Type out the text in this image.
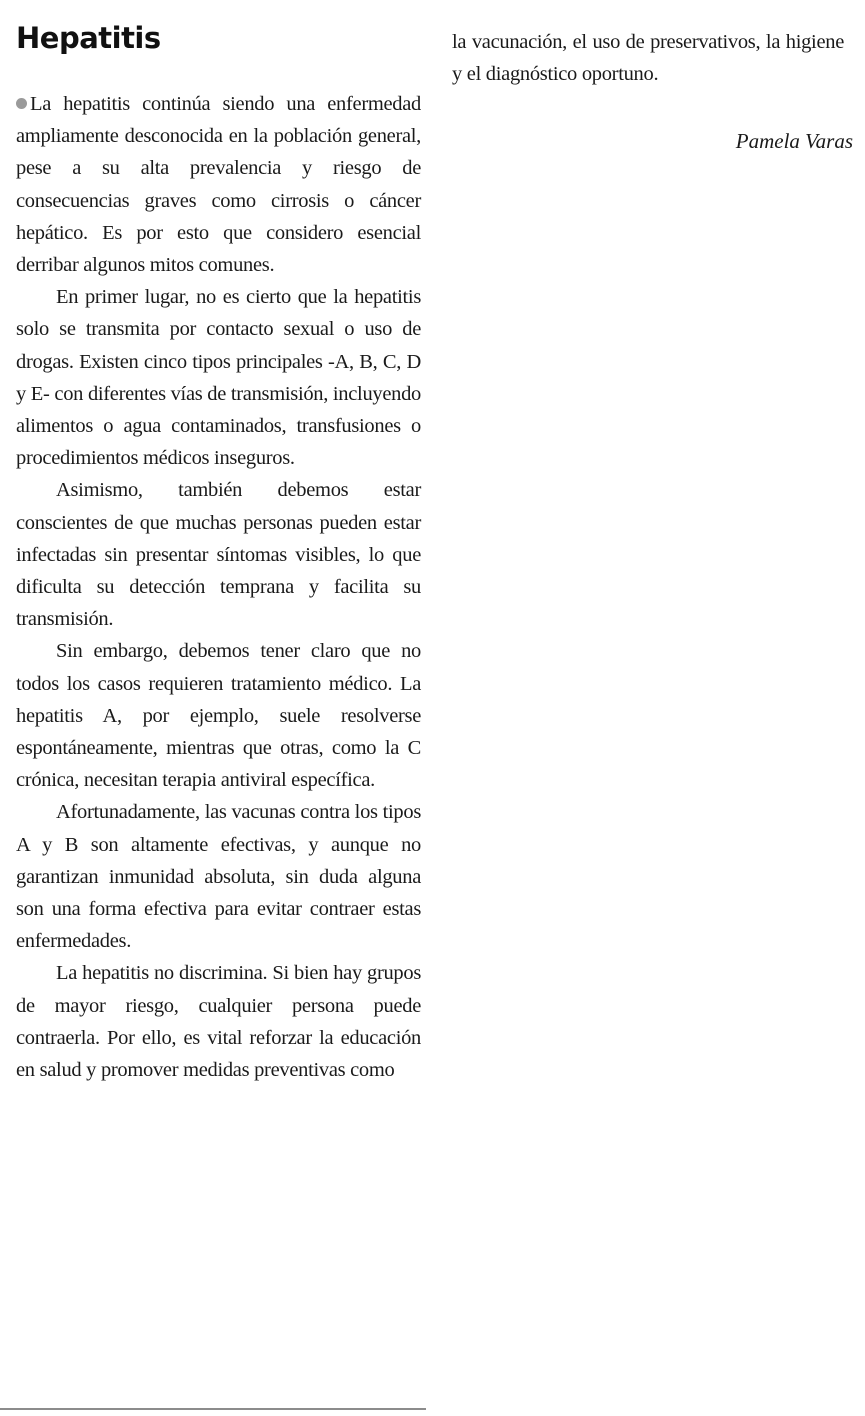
Hepatitis

La hepatitis continúa siendo una enfermedad ampliamente desconocida en la población general, pese a su alta prevalencia y riesgo de consecuencias graves como cirrosis o cáncer hepático. Es por esto que considero esencial derribar algunos mitos comunes.

En primer lugar, no es cierto que la hepatitis solo se transmita por contacto sexual o uso de drogas. Existen cinco tipos principales -A, B, C, D y E- con diferentes vías de transmisión, incluyendo alimentos o agua contaminados, transfusiones o procedimientos médicos inseguros.

Asimismo, también debemos estar conscientes de que muchas personas pueden estar infectadas sin presentar síntomas visibles, lo que dificulta su detección temprana y facilita su transmisión.

Sin embargo, debemos tener claro que no todos los casos requieren tratamiento médico. La hepatitis A, por ejemplo, suele resolverse espontáneamente, mientras que otras, como la C crónica, necesitan terapia antiviral específica.

Afortunadamente, las vacunas contra los tipos A y B son altamente efectivas, y aunque no garantizan inmunidad absoluta, sin duda alguna son una forma efectiva para evitar contraer estas enfermedades.

La hepatitis no discrimina. Si bien hay grupos de mayor riesgo, cualquier persona puede contraerla. Por ello, es vital reforzar la educación en salud y promover medidas preventivas como

la vacunación, el uso de preservativos, la higiene y el diagnóstico oportuno.

Pamela Varas
